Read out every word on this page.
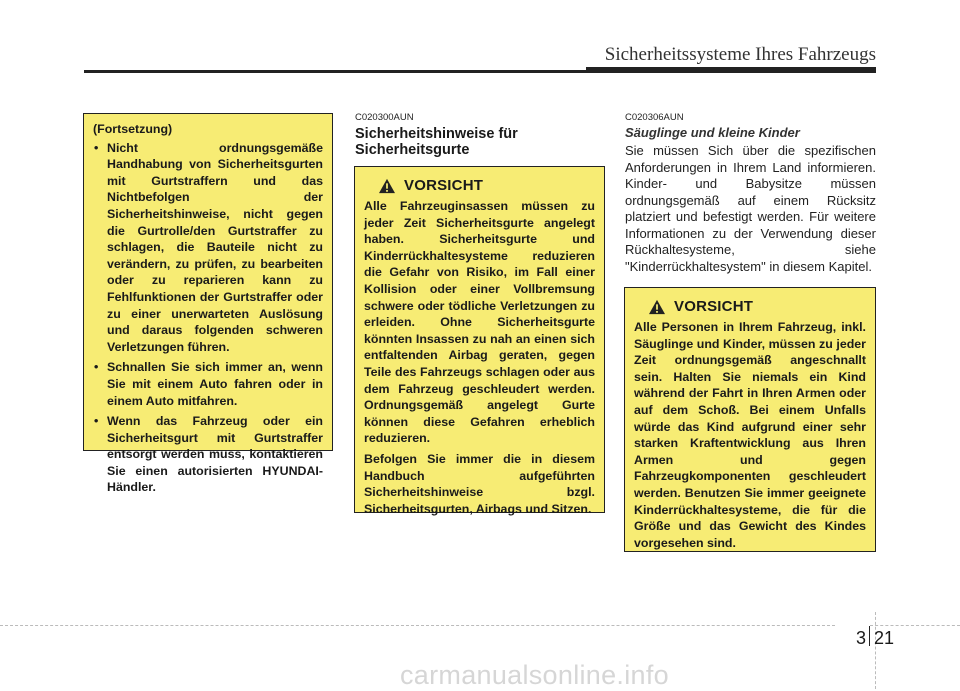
Sicherheitssysteme Ihres Fahrzeugs

(Fortsetzung)

• Nicht ordnungsgemäße Handhabung von Sicherheitsgurten mit Gurtstraffern und das Nichtbefolgen der Sicherheitshinweise, nicht gegen die Gurtrolle/den Gurtstraffer zu schlagen, die Bauteile nicht zu verändern, zu prüfen, zu bearbeiten oder zu reparieren kann zu Fehlfunktionen der Gurtstraffer oder zu einer unerwarteten Auslösung und daraus folgenden schweren Verletzungen führen.
• Schnallen Sie sich immer an, wenn Sie mit einem Auto fahren oder in einem Auto mitfahren.
• Wenn das Fahrzeug oder ein Sicherheitsgurt mit Gurtstraffer entsorgt werden muss, kontaktieren Sie einen autorisierten HYUNDAI-Händler.
C020300AUN
Sicherheitshinweise für
Sicherheitsgurte
VORSICHT

Alle Fahrzeuginsassen müssen zu jeder Zeit Sicherheitsgurte angelegt haben. Sicherheitsgurte und Kinderrückhaltesysteme reduzieren die Gefahr von Risiko, im Fall einer Kollision oder einer Vollbremsung schwere oder tödliche Verletzungen zu erleiden. Ohne Sicherheitsgurte könnten Insassen zu nah an einen sich entfaltenden Airbag geraten, gegen Teile des Fahrzeugs schlagen oder aus dem Fahrzeug geschleudert werden. Ordnungsgemäß angelegt Gurte können diese Gefahren erheblich reduzieren.

Befolgen Sie immer die in diesem Handbuch aufgeführten Sicherheitshinweise bzgl. Sicherheitsgurten, Airbags und Sitzen.

C020306AUN
Säuglinge und kleine Kinder
Sie müssen Sich über die spezifischen Anforderungen in Ihrem Land informieren. Kinder- und Babysitze müssen ordnungsgemäß auf einem Rücksitz platziert und befestigt werden. Für weitere Informationen zu der Verwendung dieser Rückhaltesysteme, siehe "Kinderrückhaltesystem" in diesem Kapitel.
VORSICHT

Alle Personen in Ihrem Fahrzeug, inkl. Säuglinge und Kinder, müssen zu jeder Zeit ordnungsgemäß angeschnallt sein. Halten Sie niemals ein Kind während der Fahrt in Ihren Armen oder auf dem Schoß. Bei einem Unfalls würde das Kind aufgrund einer sehr starken Kraftentwicklung aus Ihren Armen und gegen Fahrzeugkomponenten geschleudert werden. Benutzen Sie immer geeignete Kinderrückhaltesysteme, die für die Größe und das Gewicht des Kindes vorgesehen sind.

3 21
carmanualsonline.info
